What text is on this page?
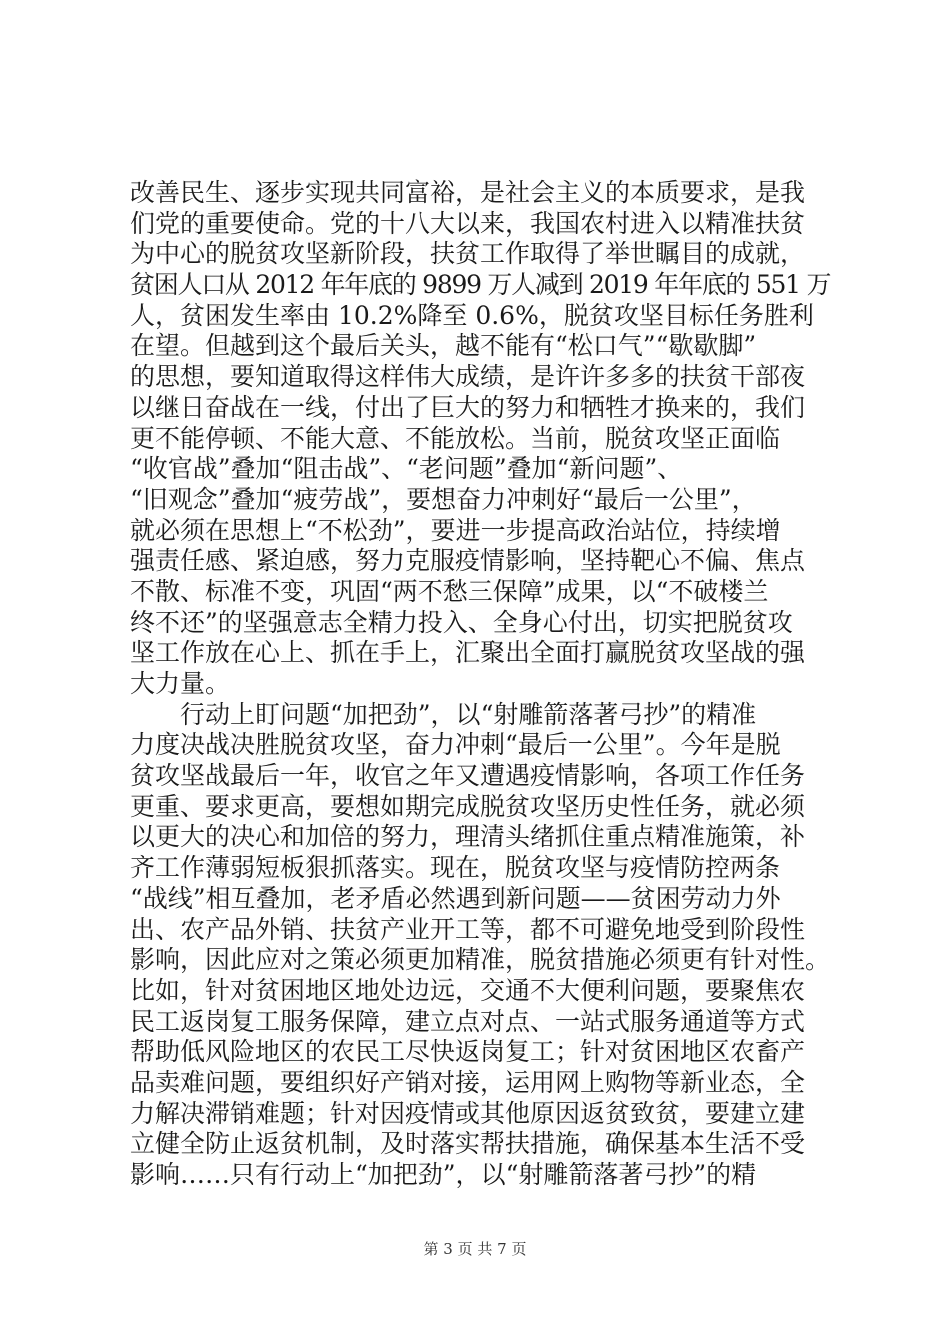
改善民生、逐步实现共同富裕，是社会主义的本质要求，是我
们党的重要使命。党的十八大以来，我国农村进入以精准扶贫
为中心的脱贫攻坚新阶段，扶贫工作取得了举世瞩目的成就，
贫困人口从 2012 年年底的 9899 万人减到 2019 年年底的 551 万
人，贫困发生率由 10.2%降至 0.6%，脱贫攻坚目标任务胜利
在望。但越到这个最后关头，越不能有“松口气”“歇歇脚”
的思想，要知道取得这样伟大成绩，是许许多多的扶贫干部夜
以继日奋战在一线，付出了巨大的努力和牺牲才换来的，我们
更不能停顿、不能大意、不能放松。当前，脱贫攻坚正面临
“收官战”叠加“阻击战”、“老问题”叠加“新问题”、
“旧观念”叠加“疲劳战”，要想奋力冲刺好“最后一公里”，
就必须在思想上“不松劲”，要进一步提高政治站位，持续增
强责任感、紧迫感，努力克服疫情影响，坚持靶心不偏、焦点
不散、标准不变，巩固“两不愁三保障”成果，以“不破楼兰
终不还”的坚强意志全精力投入、全身心付出，切实把脱贫攻
坚工作放在心上、抓在手上，汇聚出全面打赢脱贫攻坚战的强
大力量。
行动上盯问题“加把劲”，以“射雕箭落著弓抄”的精准
力度决战决胜脱贫攻坚，奋力冲刺“最后一公里”。今年是脱
贫攻坚战最后一年，收官之年又遭遇疫情影响，各项工作任务
更重、要求更高，要想如期完成脱贫攻坚历史性任务，就必须
以更大的决心和加倍的努力，理清头绪抓住重点精准施策，补
齐工作薄弱短板狠抓落实。现在，脱贫攻坚与疫情防控两条
“战线”相互叠加，老矛盾必然遇到新问题——贫困劳动力外
出、农产品外销、扶贫产业开工等，都不可避免地受到阶段性
影响，因此应对之策必须更加精准，脱贫措施必须更有针对性。
比如，针对贫困地区地处边远，交通不大便利问题，要聚焦农
民工返岗复工服务保障，建立点对点、一站式服务通道等方式
帮助低风险地区的农民工尽快返岗复工；针对贫困地区农畜产
品卖难问题，要组织好产销对接，运用网上购物等新业态，全
力解决滞销难题；针对因疫情或其他原因返贫致贫，要建立建
立健全防止返贫机制，及时落实帮扶措施，确保基本生活不受
影响……只有行动上“加把劲”，以“射雕箭落著弓抄”的精
第 3 页 共 7 页
